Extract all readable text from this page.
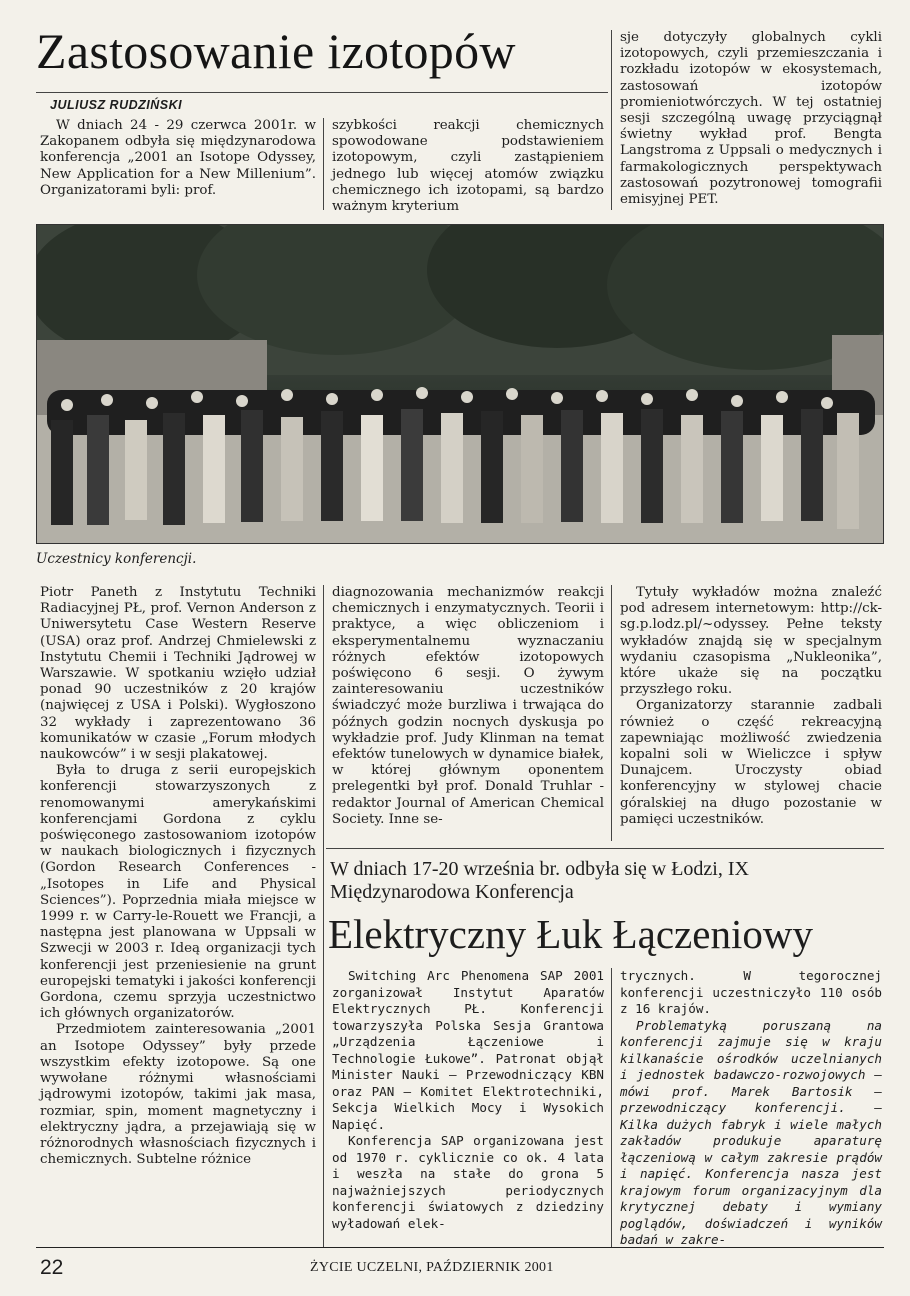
Zastosowanie izotopów
JULIUSZ RUDZIŃSKI
W dniach 24 - 29 czerwca 2001r. w Zakopanem odbyła się międzynarodowa konferencja „2001 an Isotope Odyssey, New Application for a New Millenium”. Organizatorami byli: prof.
szybkości reakcji chemicznych spowodowane podstawieniem izotopowym, czyli zastąpieniem jednego lub więcej atomów związku chemicznego ich izotopami, są bardzo ważnym kryterium
sje dotyczyły globalnych cykli izotopowych, czyli przemieszczania i rozkładu izotopów w ekosystemach, zastosowań izotopów promieniotwórczych. W tej ostatniej sesji szczególną uwagę przyciągnął świetny wykład prof. Bengta Langstroma z Uppsali o medycznych i farmakologicznych perspektywach zastosowań pozytronowej tomografii emisyjnej PET.
Uczestnicy konferencji.

Piotr Paneth z Instytutu Techniki Radiacyjnej PŁ, prof. Vernon Anderson z Uniwersytetu Case Western Reserve (USA) oraz prof. Andrzej Chmielewski z Instytutu Chemii i Techniki Jądrowej w Warszawie. W spotkaniu wzięło udział ponad 90 uczestników z 20 krajów (najwięcej z USA i Polski). Wygłoszono 32 wykłady i zaprezentowano 36 komunikatów w czasie „Forum młodych naukowców” i w sesji plakatowej.

Była to druga z serii europejskich konferencji stowarzyszonych z renomowanymi amerykańskimi konferencjami Gordona z cyklu poświęconego zastosowaniom izotopów w naukach biologicznych i fizycznych (Gordon Research Conferences - „Isotopes in Life and Physical Sciences”). Poprzednia miała miejsce w 1999 r. w Carry-le-Rouett we Francji, a następna jest planowana w Uppsali w Szwecji w 2003 r. Ideą organizacji tych konferencji jest przeniesienie na grunt europejski tematyki i jakości konferencji Gordona, czemu sprzyja uczestnictwo ich głównych organizatorów.

Przedmiotem zainteresowania „2001 an Isotope Odyssey” były przede wszystkim efekty izotopowe. Są one wywołane różnymi własnościami jądrowymi izotopów, takimi jak masa, rozmiar, spin, moment magnetyczny i elektryczny jądra, a przejawiają się w różnorodnych własnościach fizycznych i chemicznych. Subtelne różnice

diagnozowania mechanizmów reakcji chemicznych i enzymatycznych. Teorii i praktyce, a więc obliczeniom i eksperymentalnemu wyznaczaniu różnych efektów izotopowych poświęcono 6 sesji. O żywym zainteresowaniu uczestników świadczyć może burzliwa i trwająca do późnych godzin nocnych dyskusja po wykładzie prof. Judy Klinman na temat efektów tunelowych w dynamice białek, w której głównym oponentem prelegentki był prof. Donald Truhlar - redaktor Journal of American Chemical Society. Inne se-

Tytuły wykładów można znaleźć pod adresem internetowym: http://ck-sg.p.lodz.pl/~odyssey. Pełne teksty wykładów znajdą się w specjalnym wydaniu czasopisma „Nukleonika”, które ukaże się na początku przyszłego roku.

Organizatorzy starannie zadbali również o część rekreacyjną zapewniając możliwość zwiedzenia kopalni soli w Wieliczce i spływ Dunajcem. Uroczysty obiad konferencyjny w stylowej chacie góralskiej na długo pozostanie w pamięci uczestników.

W dniach 17-20 września br. odbyła się w Łodzi, IX Międzynarodowa Konferencja
Elektryczny Łuk Łączeniowy

Switching Arc Phenomena SAP 2001 zorganizował Instytut Aparatów Elektrycznych PŁ. Konferencji towarzyszyła Polska Sesja Grantowa „Urządzenia Łączeniowe i Technologie Łukowe”. Patronat objął Minister Nauki – Przewodniczący KBN oraz PAN – Komitet Elektrotechniki, Sekcja Wielkich Mocy i Wysokich Napięć.

Konferencja SAP organizowana jest od 1970 r. cyklicznie co ok. 4 lata i weszła na stałe do grona 5 najważniejszych periodycznych konferencji światowych z dziedziny wyładowań elek-

trycznych. W tegorocznej konferencji uczestniczyło 110 osób z 16 krajów.

Problematyką poruszaną na konferencji zajmuje się w kraju kilkanaście ośrodków uczelnianych i jednostek badawczo-rozwojowych – mówi prof. Marek Bartosik – przewodniczący konferencji. – Kilka dużych fabryk i wiele małych zakładów produkuje aparaturę łączeniową w całym zakresie prądów i napięć. Konferencja nasza jest krajowym forum organizacyjnym dla krytycznej debaty i wymiany poglądów, doświadczeń i wyników badań w zakre-

22	ŻYCIE UCZELNI, PAŹDZIERNIK 2001
